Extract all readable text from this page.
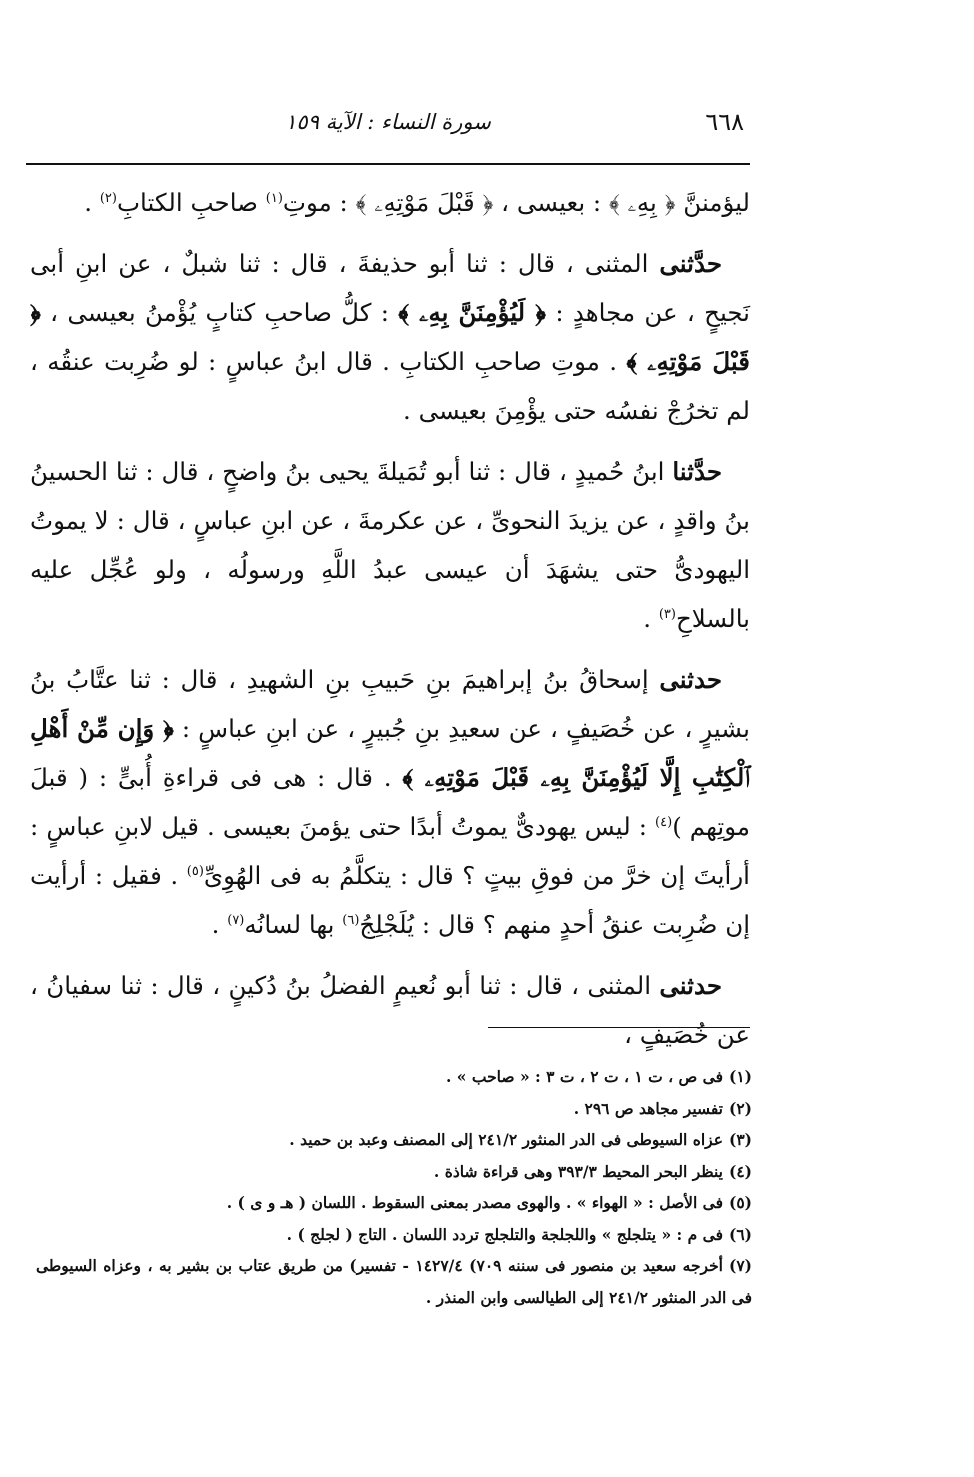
٦٦٨
سورة النساء : الآية ١٥٩

ليؤمننَّ ﴿ بِهِۦ ﴾ : بعيسى ، ﴿ قَبْلَ مَوْتِهِۦ ﴾ : موتِ$^{(١)}$ صاحبِ الكتابِ$^{(٢)}$ .

حدَّثنى المثنى ، قال : ثنا أبو حذيفةَ ، قال : ثنا شبلٌ ، عن ابنِ أبى نَجيحٍ ، عن مجاهدٍ : ﴿ لَيُؤْمِنَنَّ بِهِۦ ﴾ : كلُّ صاحبِ كتابٍ يُؤْمنُ بعيسى ، ﴿ قَبْلَ مَوْتِهِۦ ﴾ . موتِ صاحبِ الكتابِ . قال ابنُ عباسٍ : لو ضُرِبت عنقُه ، لم تخرُجْ نفسُه حتى يؤْمِنَ بعيسى .

حدَّثنا ابنُ حُميدٍ ، قال : ثنا أبو تُمَيلةَ يحيى بنُ واضحٍ ، قال : ثنا الحسينُ بنُ واقدٍ ، عن يزيدَ النحوىِّ ، عن عكرمةَ ، عن ابنِ عباسٍ ، قال : لا يموتُ اليهودىُّ حتى يشهَدَ أن عيسى عبدُ اللَّهِ ورسولُه ، ولو عُجِّل عليه بالسلاحِ$^{(٣)}$ .

حدثنى إسحاقُ بنُ إبراهيمَ بنِ حَبيبِ بنِ الشهيدِ ، قال : ثنا عتَّابُ بنُ بشيرٍ ، عن خُصَيفٍ ، عن سعيدِ بنِ جُبيرٍ ، عن ابنِ عباسٍ : ﴿ وَإِن مِّنْ أَهْلِ ٱلْكِتَٰبِ إِلَّا لَيُؤْمِنَنَّ بِهِۦ قَبْلَ مَوْتِهِۦ ﴾ . قال : هى فى قراءةِ أُبىٍّ : ( قبلَ موتِهم )$^{(٤)}$ : ليس يهودىٌّ يموتُ أبدًا حتى يؤمنَ بعيسى . قيل لابنِ عباسٍ : أرأيتَ إن خرَّ من فوقِ بيتٍ ؟ قال : يتكلَّمُ به فى الهُوِىِّ$^{(٥)}$ . فقيل : أرأيت إن ضُرِبت عنقُ أحدٍ منهم ؟ قال : يُلَجْلِجُ$^{(٦)}$ بها لسانُه$^{(٧)}$ .

حدثنى المثنى ، قال : ثنا أبو نُعيمٍ الفضلُ بنُ دُكينٍ ، قال : ثنا سفيانُ ، عن خُصَيفٍ ،

(١)فى ص ، ت ١ ، ت ٢ ، ت ٣ : « صاحب » .

(٢)تفسير مجاهد ص ٢٩٦ .

(٣)عزاه السيوطى فى الدر المنثور ٢٤١/٢ إلى المصنف وعبد بن حميد .

(٤)ينظر البحر المحيط ٣٩٣/٣ وهى قراءة شاذة .

(٥)فى الأصل : « الهواء » . والهوى مصدر بمعنى السقوط . اللسان ( هـ و ى ) .

(٦)فى م : « يتلجلج » واللجلجة والتلجلج تردد اللسان . التاج ( لجلج ) .

(٧)أخرجه سعيد بن منصور فى سننه ٧٠٩) ١٤٢٧/٤ - تفسير) من طريق عتاب بن بشير به ، وعزاه السيوطى فى الدر المنثور ٢٤١/٢ إلى الطيالسى وابن المنذر .
